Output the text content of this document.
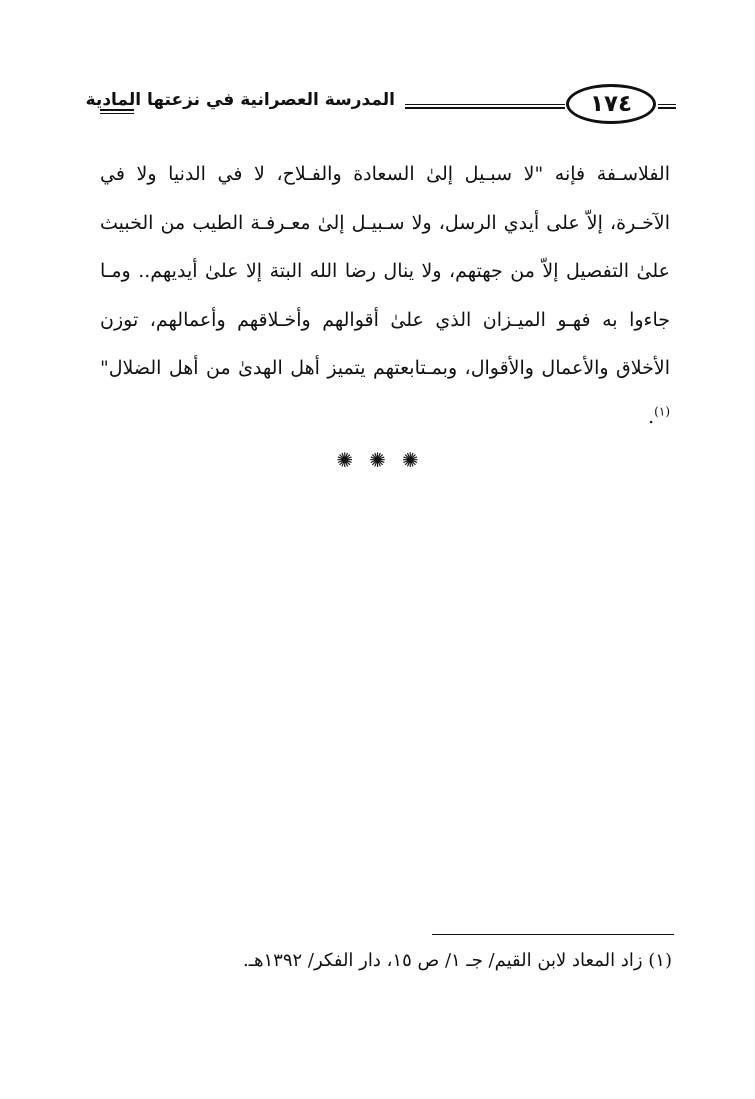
المدرسة العصرانية في نزعتها المادية	١٧٤

الفلاسـفة فإنه "لا سبـيل إلىٰ السعادة والفـلاح، لا في الدنيا ولا في الآخـرة، إلاّ على أيدي الرسل، ولا سـبيـل إلىٰ معـرفـة الطيب من الخبيث علىٰ التفصيل إلاّ من جهتهم، ولا ينال رضا الله البتة إلا علىٰ أيديهم.. ومـا جاءوا به فهـو الميـزان الذي علىٰ أقوالهم وأخـلاقهم وأعمالهم، توزن الأخلاق والأعمال والأقوال، وبمـتابعتهم يتميز أهل الهدىٰ من أهل الضلال"$^{(١)}$.

✺ ✺ ✺
(١) زاد المعاد لابن القيم/ جـ ١/ ص ١٥، دار الفكر/ ١٣٩٢هـ.
